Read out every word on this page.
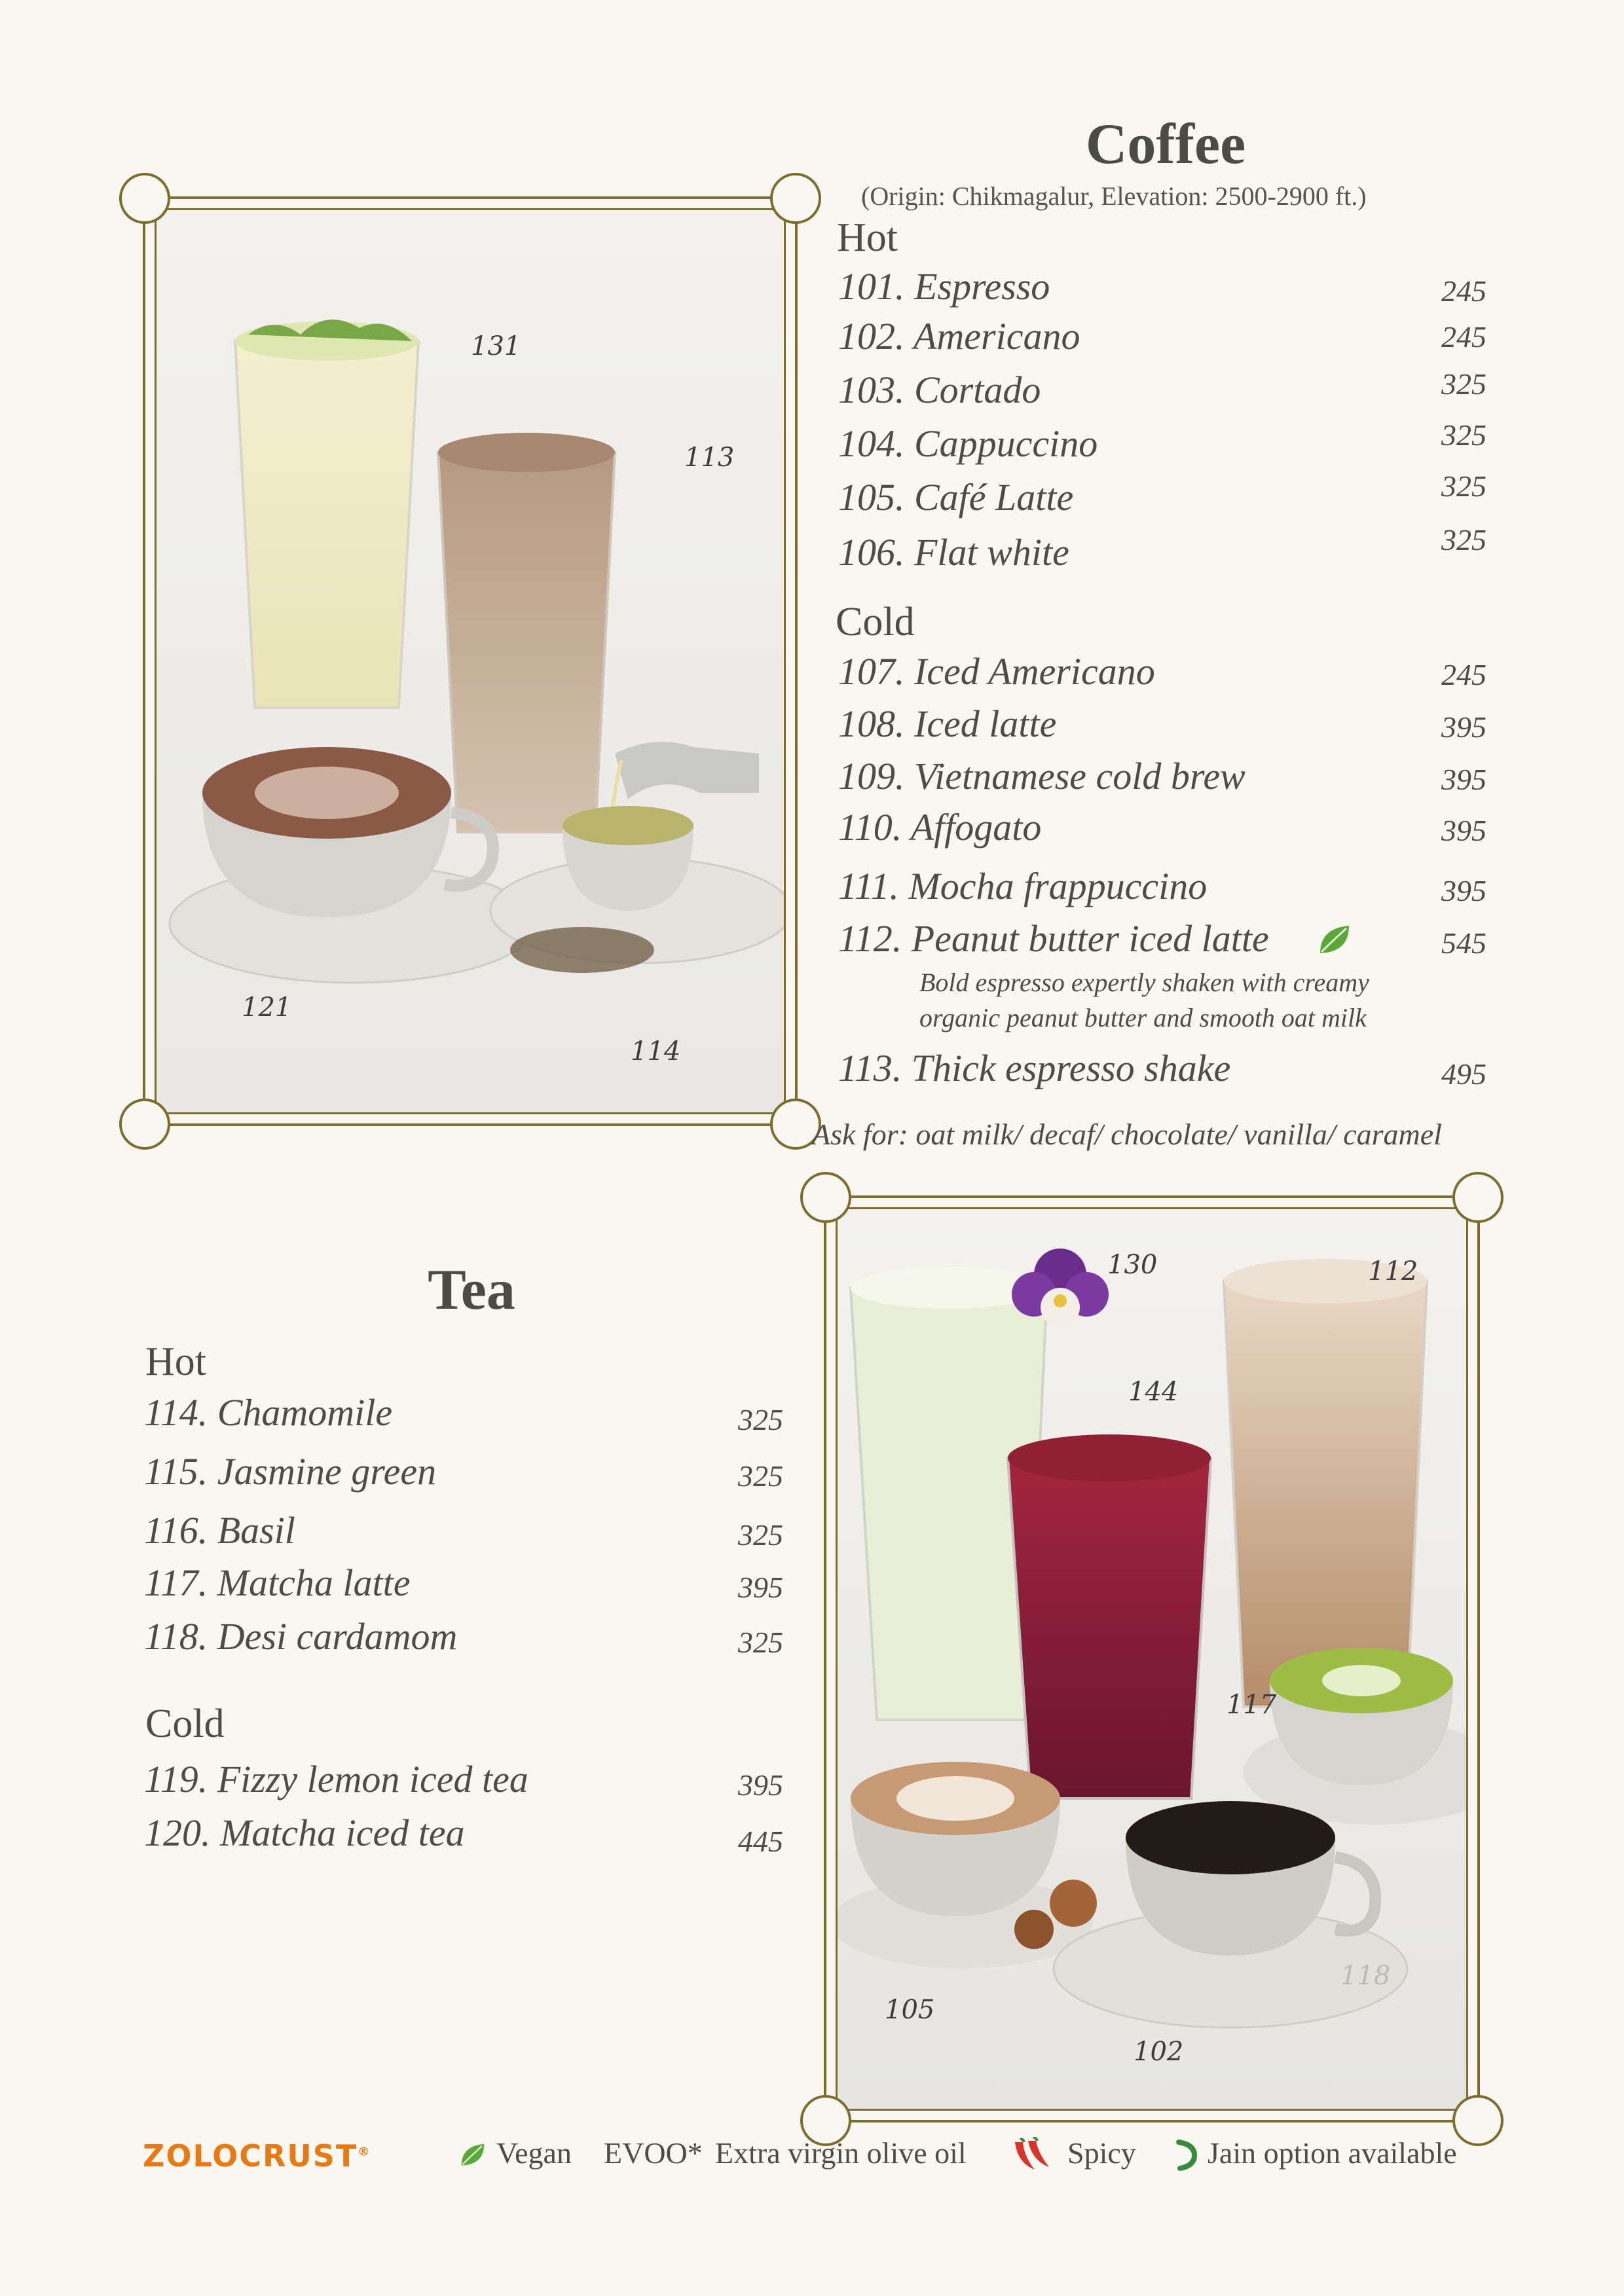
131
113
121
114
Coffee
(Origin: Chikmagalur, Elevation: 2500-2900 ft.)
Hot
101. Espresso	245
102. Americano	245
103. Cortado	325
104. Cappuccino	325
105. Café Latte	325
106. Flat white	325
Cold
107. Iced Americano	245
108. Iced latte	395
109. Vietnamese cold brew	395
110. Affogato	395
111. Mocha frappuccino	395
112. Peanut butter iced latte	545
Bold espresso expertly shaken with creamy
organic peanut butter and smooth oat milk
113. Thick espresso shake	495
Ask for: oat milk/ decaf/ chocolate/ vanilla/ caramel
Tea
Hot
114. Chamomile	325
115. Jasmine green	325
116. Basil	325
117. Matcha latte	395
118. Desi cardamom	325
Cold
119. Fizzy lemon iced tea	395
120. Matcha iced tea	445
130	112
144
117
105
102
118
ZOLOCRUST®	Vegan EVOO* Extra virgin olive oil	Spicy Jain option available
